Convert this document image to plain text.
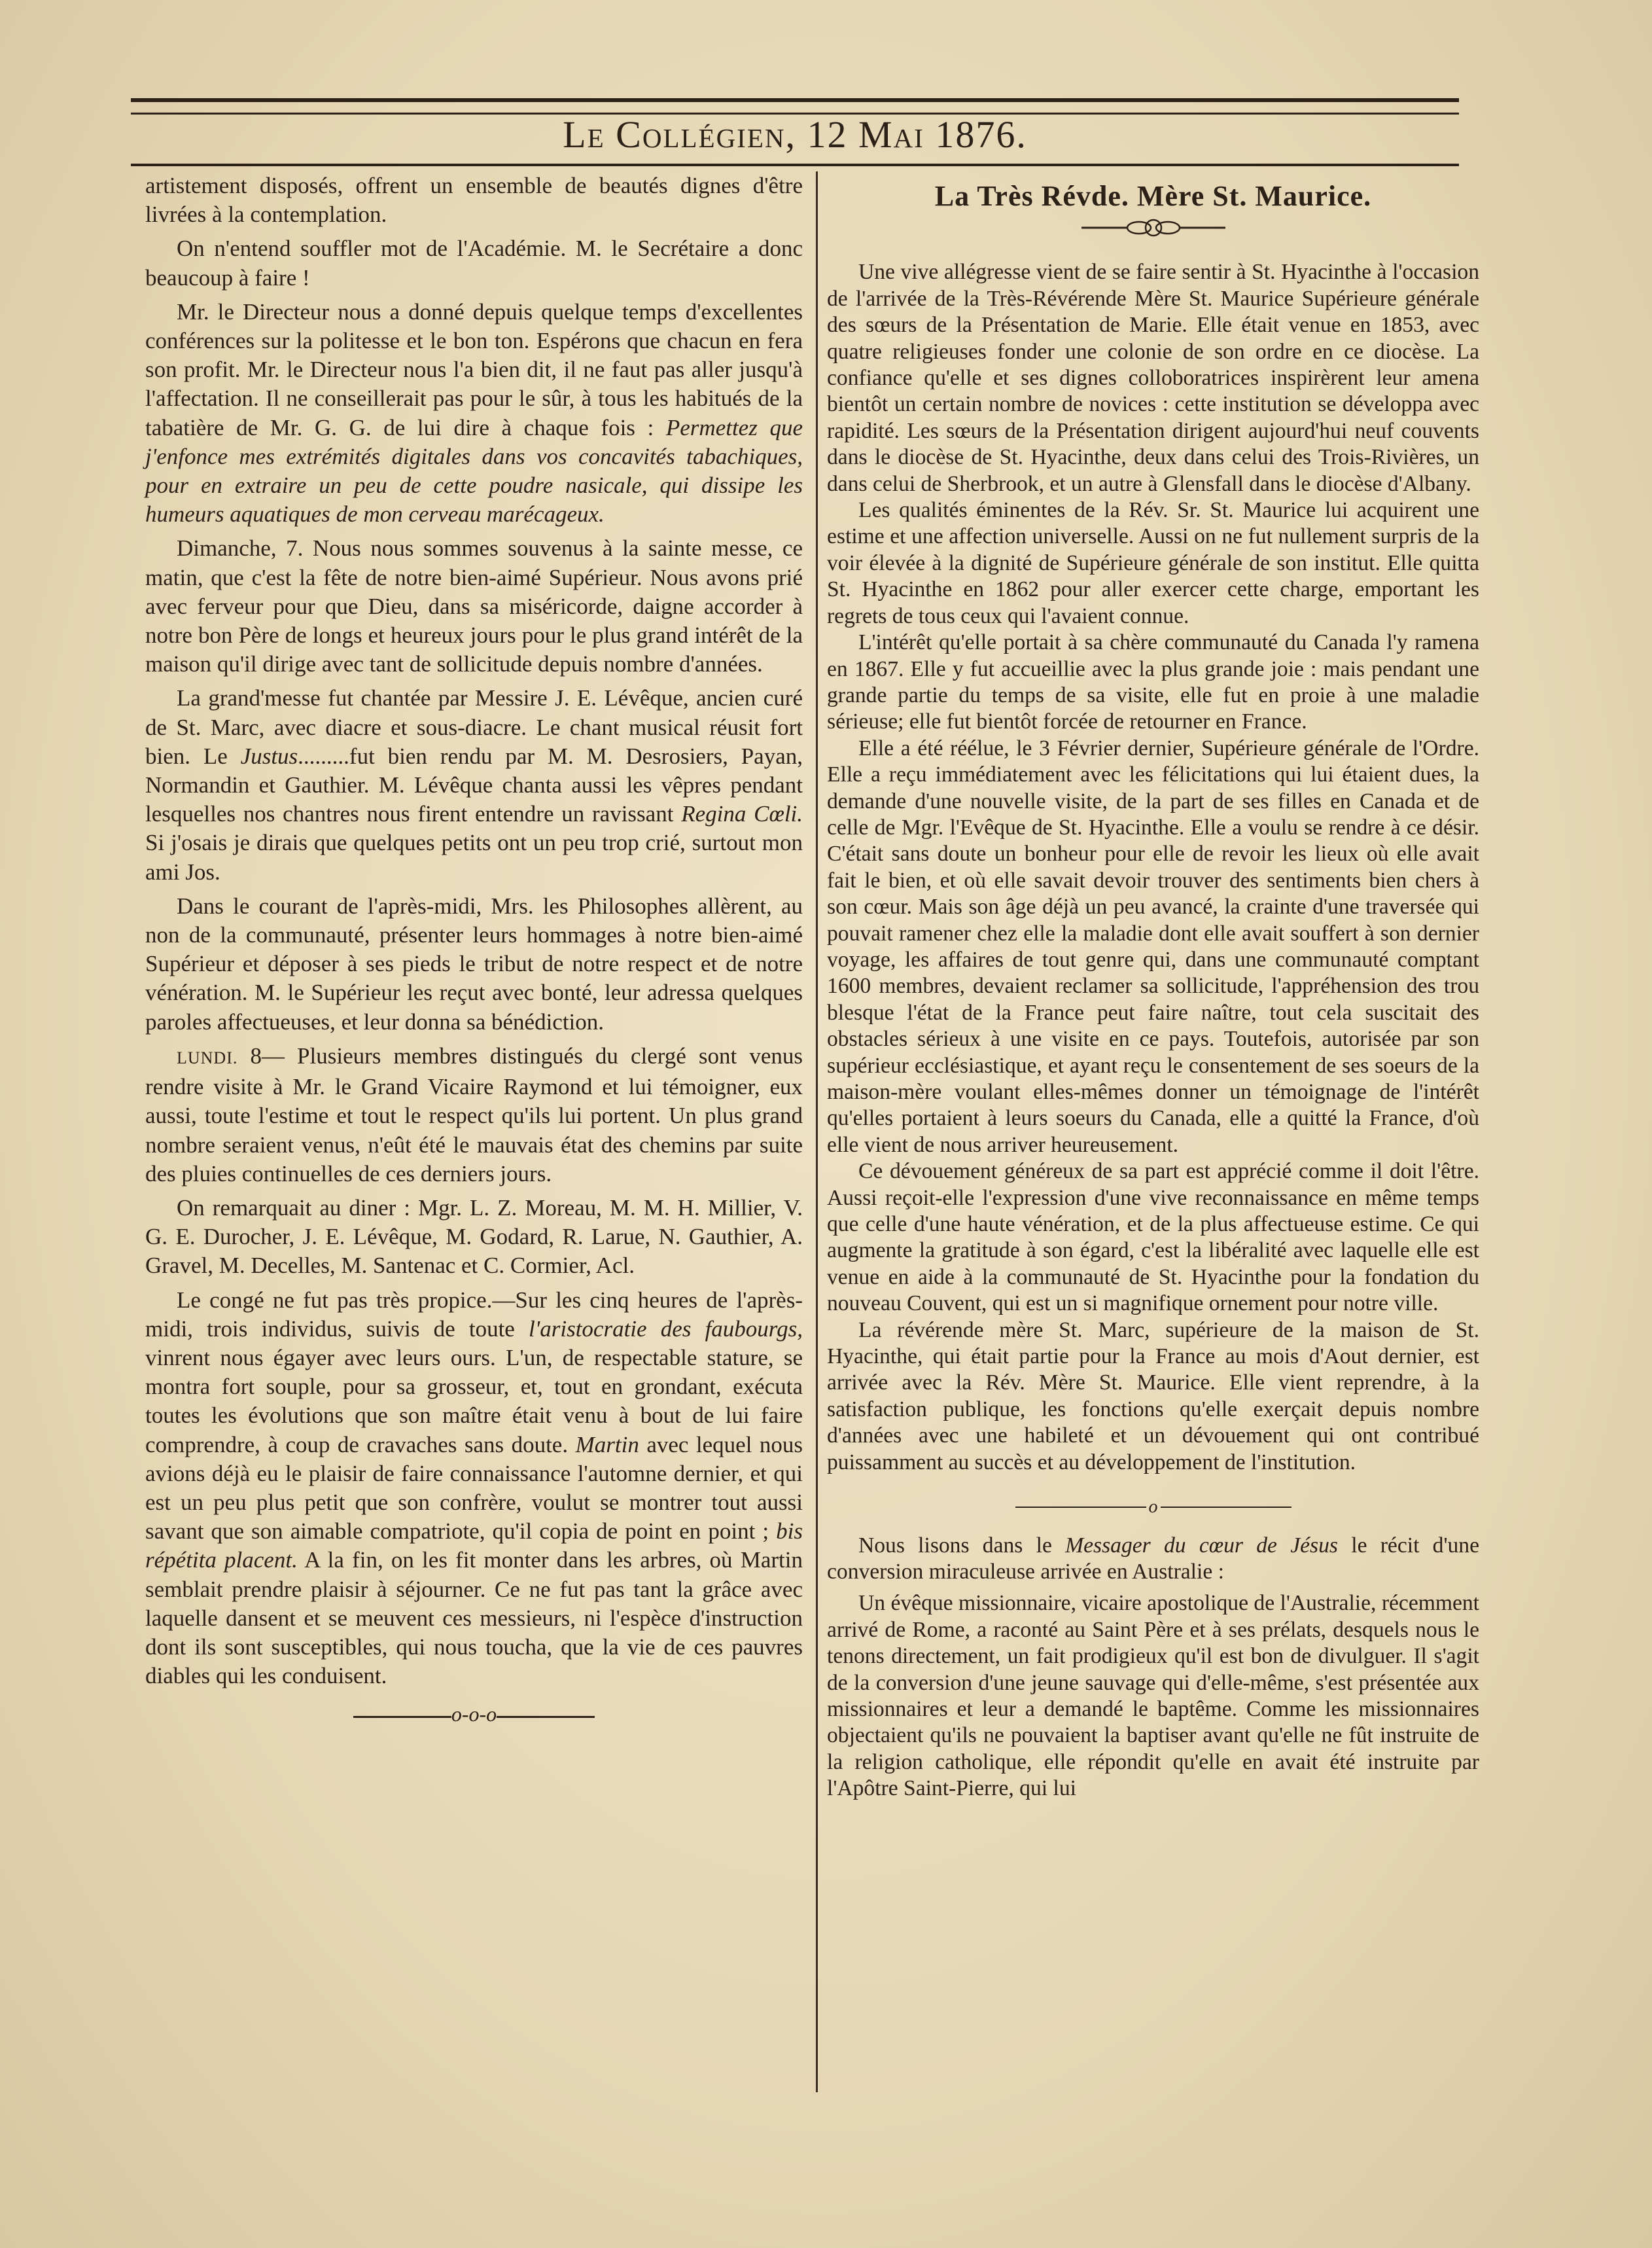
Le Collégien, 12 Mai 1876.

artistement disposés, offrent un ensemble de beautés dignes d'être livrées à la contemplation.

On n'entend souffler mot de l'Académie. M. le Secrétaire a donc beaucoup à faire !

Mr. le Directeur nous a donné depuis quelque temps d'excellentes conférences sur la politesse et le bon ton. Espérons que chacun en fera son profit. Mr. le Directeur nous l'a bien dit, il ne faut pas aller jusqu'à l'affectation. Il ne conseillerait pas pour le sûr, à tous les habitués de la tabatière de Mr. G. G. de lui dire à chaque fois : Permettez que j'enfonce mes extrémités digitales dans vos concavités tabachiques, pour en extraire un peu de cette poudre nasicale, qui dissipe les humeurs aquatiques de mon cerveau marécageux.

Dimanche, 7. Nous nous sommes souvenus à la sainte messe, ce matin, que c'est la fête de notre bien-aimé Supérieur. Nous avons prié avec ferveur pour que Dieu, dans sa miséricorde, daigne accorder à notre bon Père de longs et heureux jours pour le plus grand intérêt de la maison qu'il dirige avec tant de sollicitude depuis nombre d'années.

La grand'messe fut chantée par Messire J. E. Lévêque, ancien curé de St. Marc, avec diacre et sous-diacre. Le chant musical réusit fort bien. Le Justus.........fut bien rendu par M. M. Desrosiers, Payan, Normandin et Gauthier. M. Lévêque chanta aussi les vêpres pendant lesquelles nos chantres nous firent entendre un ravissant Regina Cœli. Si j'osais je dirais que quelques petits ont un peu trop crié, surtout mon ami Jos.

Dans le courant de l'après-midi, Mrs. les Philosophes allèrent, au non de la communauté, présenter leurs hommages à notre bien-aimé Supérieur et déposer à ses pieds le tribut de notre respect et de notre vénération. M. le Supérieur les reçut avec bonté, leur adressa quelques paroles affectueuses, et leur donna sa bénédiction.

LUNDI. 8— Plusieurs membres distingués du clergé sont venus rendre visite à Mr. le Grand Vicaire Raymond et lui témoigner, eux aussi, toute l'estime et tout le respect qu'ils lui portent. Un plus grand nombre seraient venus, n'eût été le mauvais état des chemins par suite des pluies continuelles de ces derniers jours.

On remarquait au diner : Mgr. L. Z. Moreau, M. M. H. Millier, V. G. E. Durocher, J. E. Lévêque, M. Godard, R. Larue, N. Gauthier, A. Gravel, M. Decelles, M. Santenac et C. Cormier, Acl.

Le congé ne fut pas très propice.—Sur les cinq heures de l'après-midi, trois individus, suivis de toute l'aristocratie des faubourgs, vinrent nous égayer avec leurs ours. L'un, de respectable stature, se montra fort souple, pour sa grosseur, et, tout en grondant, exécuta toutes les évolutions que son maître était venu à bout de lui faire comprendre, à coup de cravaches sans doute. Martin avec lequel nous avions déjà eu le plaisir de faire connaissance l'automne dernier, et qui est un peu plus petit que son confrère, voulut se montrer tout aussi savant que son aimable compatriote, qu'il copia de point en point ; bis répétita placent. A la fin, on les fit monter dans les arbres, où Martin semblait prendre plaisir à séjourner. Ce ne fut pas tant la grâce avec laquelle dansent et se meuvent ces messieurs, ni l'espèce d'instruction dont ils sont susceptibles, qui nous toucha, que la vie de ces pauvres diables qui les conduisent.

o-o-o
La Très Révde. Mère St. Maurice.

Une vive allégresse vient de se faire sentir à St. Hyacinthe à l'occasion de l'arrivée de la Très-Révérende Mère St. Maurice Supérieure générale des sœurs de la Présentation de Marie. Elle était venue en 1853, avec quatre religieuses fonder une colonie de son ordre en ce diocèse. La confiance qu'elle et ses dignes colloboratrices inspirèrent leur amena bientôt un certain nombre de novices : cette institution se développa avec rapidité. Les sœurs de la Présentation dirigent aujourd'hui neuf couvents dans le diocèse de St. Hyacinthe, deux dans celui des Trois-Rivières, un dans celui de Sherbrook, et un autre à Glensfall dans le diocèse d'Albany.

Les qualités éminentes de la Rév. Sr. St. Maurice lui acquirent une estime et une affection universelle. Aussi on ne fut nullement surpris de la voir élevée à la dignité de Supérieure générale de son institut. Elle quitta St. Hyacinthe en 1862 pour aller exercer cette charge, emportant les regrets de tous ceux qui l'avaient connue.

L'intérêt qu'elle portait à sa chère communauté du Canada l'y ramena en 1867. Elle y fut accueillie avec la plus grande joie : mais pendant une grande partie du temps de sa visite, elle fut en proie à une maladie sérieuse; elle fut bientôt forcée de retourner en France.

Elle a été réélue, le 3 Février dernier, Supérieure générale de l'Ordre. Elle a reçu immédiatement avec les félicitations qui lui étaient dues, la demande d'une nouvelle visite, de la part de ses filles en Canada et de celle de Mgr. l'Evêque de St. Hyacinthe. Elle a voulu se rendre à ce désir. C'était sans doute un bonheur pour elle de revoir les lieux où elle avait fait le bien, et où elle savait devoir trouver des sentiments bien chers à son cœur. Mais son âge déjà un peu avancé, la crainte d'une traversée qui pouvait ramener chez elle la maladie dont elle avait souffert à son dernier voyage, les affaires de tout genre qui, dans une communauté comptant 1600 membres, devaient reclamer sa sollicitude, l'appréhension des trou blesque l'état de la France peut faire naître, tout cela suscitait des obstacles sérieux à une visite en ce pays. Toutefois, autorisée par son supérieur ecclésiastique, et ayant reçu le consentement de ses soeurs de la maison-mère voulant elles-mêmes donner un témoignage de l'intérêt qu'elles portaient à leurs soeurs du Canada, elle a quitté la France, d'où elle vient de nous arriver heureusement.

Ce dévouement généreux de sa part est apprécié comme il doit l'être. Aussi reçoit-elle l'expression d'une vive reconnaissance en même temps que celle d'une haute vénération, et de la plus affectueuse estime. Ce qui augmente la gratitude à son égard, c'est la libéralité avec laquelle elle est venue en aide à la communauté de St. Hyacinthe pour la fondation du nouveau Couvent, qui est un si magnifique ornement pour notre ville.

La révérende mère St. Marc, supérieure de la maison de St. Hyacinthe, qui était partie pour la France au mois d'Aout dernier, est arrivée avec la Rév. Mère St. Maurice. Elle vient reprendre, à la satisfaction publique, les fonctions qu'elle exerçait depuis nombre d'années avec une habileté et un dévouement qui ont contribué puissamment au succès et au développement de l'institution.

o

Nous lisons dans le Messager du cœur de Jésus le récit d'une conversion miraculeuse arrivée en Australie :

Un évêque missionnaire, vicaire apostolique de l'Australie, récemment arrivé de Rome, a raconté au Saint Père et à ses prélats, desquels nous le tenons directement, un fait prodigieux qu'il est bon de divulguer. Il s'agit de la conversion d'une jeune sauvage qui d'elle-même, s'est présentée aux missionnaires et leur a demandé le baptême. Comme les missionnaires objectaient qu'ils ne pouvaient la baptiser avant qu'elle ne fût instruite de la religion catholique, elle répondit qu'elle en avait été instruite par l'Apôtre Saint-Pierre, qui lui
